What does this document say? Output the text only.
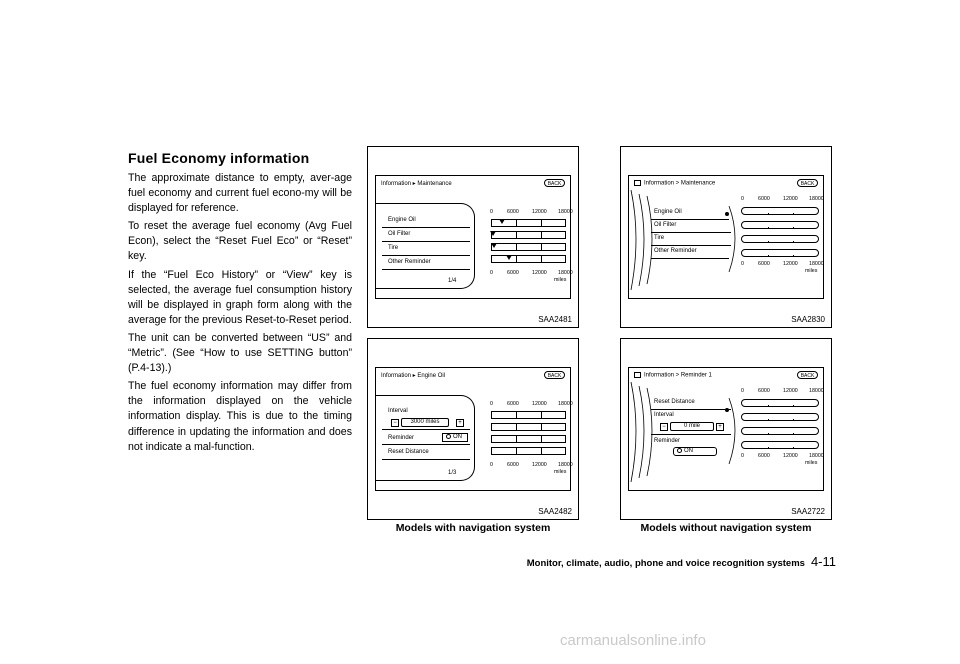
Fuel Economy information

The approximate distance to empty, aver-age fuel economy and current fuel econo-my will be displayed for reference.

To reset the average fuel economy (Avg Fuel Econ), select the “Reset Fuel Eco” or “Reset” key.

If the “Fuel Eco History” or “View” key is selected, the average fuel consumption history will be displayed in graph form along with the average for the previous Reset-to-Reset period.

The unit can be converted between “US” and “Metric”. (See “How to use SETTING button” (P.4-13).)

The fuel economy information may differ from the information displayed on the vehicle information display. This is due to the timing difference in updating the information and does not indicate a mal-function.

Information ▸ Maintenance	BACK
Engine Oil
Oil Filter
Tire
Other Reminder
1/4
0	6000 12000 18000
0	6000 12000 18000
miles
SAA2481
Information > Maintenance	BACK
Engine Oil
Oil Filter
Tire
Other Reminder
0	6000 12000 18000
0	6000 12000 18000
miles
SAA2830
Information ▸ Engine Oil	BACK
Interval
−	3000 miles	+
Reminder	ON
Reset Distance
1/3
0	6000 12000 18000
0	6000 12000 18000
miles
SAA2482
Information > Reminder 1	BACK
Reset Distance
Interval
−	0 mile	+
Reminder
ON
0	6000 12000 18000
0	6000 12000 18000
miles
SAA2722
Models with navigation system	Models without navigation system
Monitor, climate, audio, phone and voice recognition systems 4-11
carmanualsonline.info
